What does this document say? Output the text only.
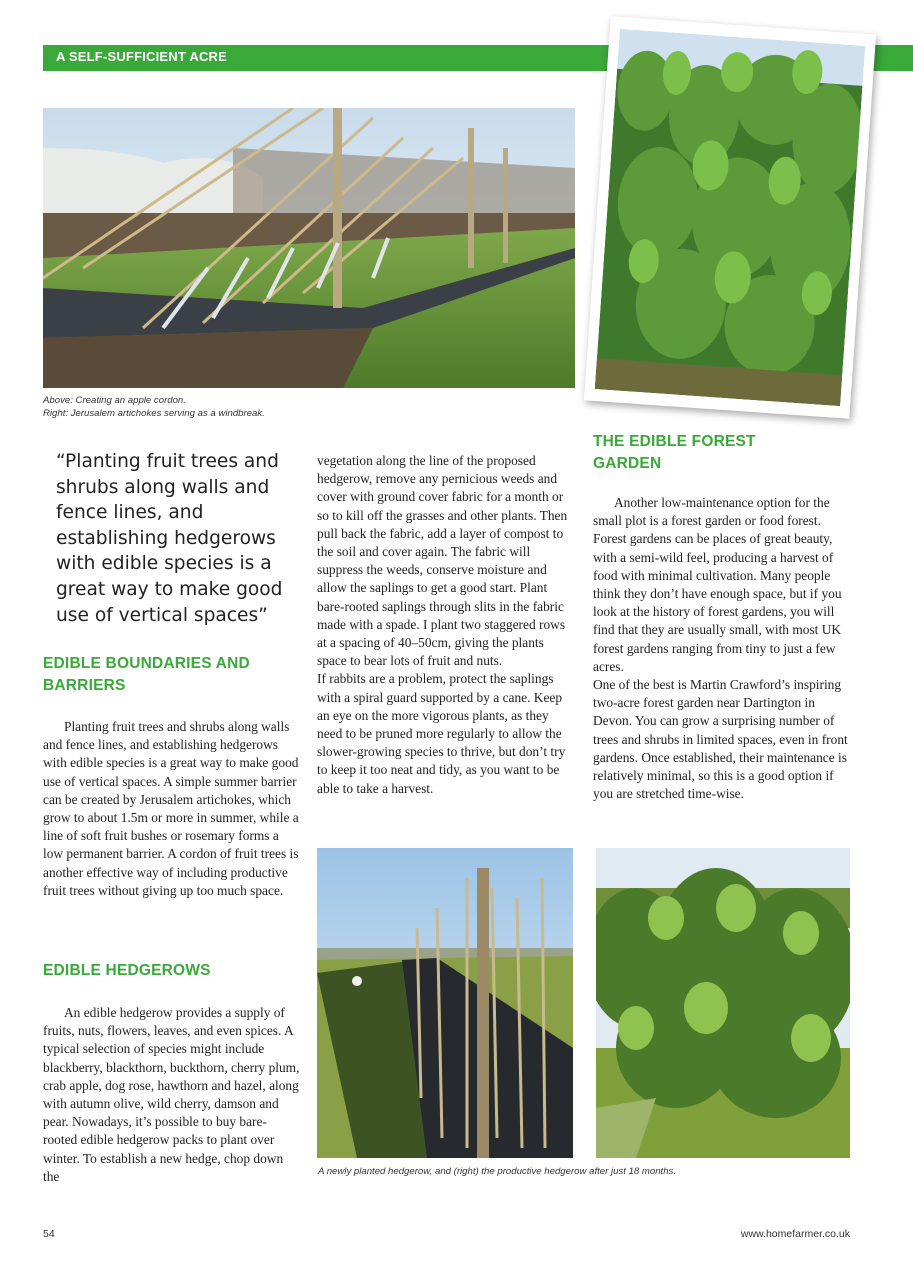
A SELF-SUFFICIENT ACRE
Above: Creating an apple cordon.
Right: Jerusalem artichokes serving as a windbreak.
“Planting fruit trees and shrubs along walls and fence lines, and establishing hedgerows with edible species is a great way to make good use of vertical spaces”
EDIBLE BOUNDARIES AND BARRIERS

Planting fruit trees and shrubs along walls and fence lines, and establishing hedgerows with edible species is a great way to make good use of vertical spaces. A simple summer barrier can be created by Jerusalem artichokes, which grow to about 1.5m or more in summer, while a line of soft fruit bushes or rosemary forms a low permanent barrier. A cordon of fruit trees is another effective way of including productive fruit trees without giving up too much space.

EDIBLE HEDGEROWS

An edible hedgerow provides a supply of fruits, nuts, flowers, leaves, and even spices. A typical selection of species might include blackberry, blackthorn, buckthorn, cherry plum, crab apple, dog rose, hawthorn and hazel, along with autumn olive, wild cherry, damson and pear. Nowadays, it’s possible to buy bare-rooted edible hedgerow packs to plant over winter. To establish a new hedge, chop down the

vegetation along the line of the proposed hedgerow, remove any pernicious weeds and cover with ground cover fabric for a month or so to kill off the grasses and other plants. Then pull back the fabric, add a layer of compost to the soil and cover again. The fabric will suppress the weeds, conserve moisture and allow the saplings to get a good start. Plant bare-rooted saplings through slits in the fabric made with a spade. I plant two staggered rows at a spacing of 40–50cm, giving the plants space to bear lots of fruit and nuts.

If rabbits are a problem, protect the saplings with a spiral guard supported by a cane. Keep an eye on the more vigorous plants, as they need to be pruned more regularly to allow the slower-growing species to thrive, but don’t try to keep it too neat and tidy, as you want to be able to take a harvest.

THE EDIBLE FOREST GARDEN

Another low-maintenance option for the small plot is a forest garden or food forest. Forest gardens can be places of great beauty, with a semi-wild feel, producing a harvest of food with minimal cultivation. Many people think they don’t have enough space, but if you look at the history of forest gardens, you will find that they are usually small, with most UK forest gardens ranging from tiny to just a few acres.

One of the best is Martin Crawford’s inspiring two-acre forest garden near Dartington in Devon. You can grow a surprising number of trees and shrubs in limited spaces, even in front gardens. Once established, their maintenance is relatively minimal, so this is a good option if you are stretched time-wise.

A newly planted hedgerow, and (right) the productive hedgerow after just 18 months.
54	www.homefarmer.co.uk
